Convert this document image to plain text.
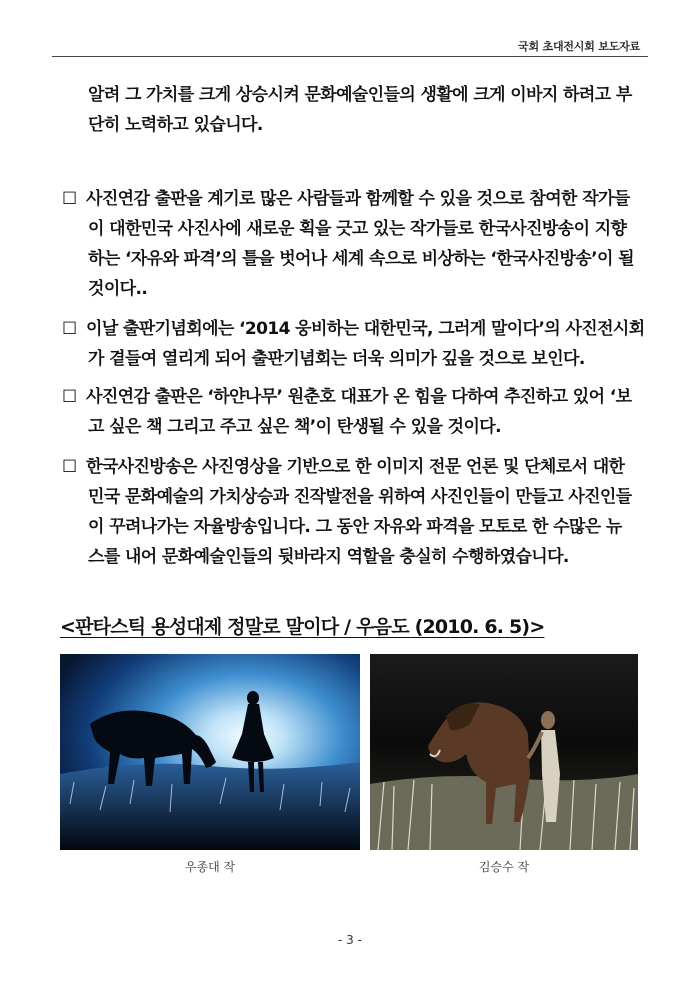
국회 초대전시회 보도자료
알려 그 가치를 크게 상승시켜 문화예술인들의 생활에 크게 이바지 하려고 부
단히 노력하고 있습니다.
☐ 사진연감 출판을 계기로 많은 사람들과 함께할 수 있을 것으로 참여한 작가들
이 대한민국 사진사에 새로운 획을 긋고 있는 작가들로 한국사진방송이 지향
하는 ‘자유와 파격’의 틀을 벗어나 세계 속으로 비상하는 ‘한국사진방송’이 될
것이다..
☐ 이날 출판기념회에는 ‘2014 웅비하는 대한민국, 그러게 말이다’의 사진전시회
가 곁들여 열리게 되어 출판기념회는 더욱 의미가 깊을 것으로 보인다.
☐ 사진연감 출판은 ‘하얀나무’ 원춘호 대표가 온 힘을 다하여 추진하고 있어 ‘보
고 싶은 책 그리고 주고 싶은 책’이 탄생될 수 있을 것이다.
☐ 한국사진방송은 사진영상을 기반으로 한 이미지 전문 언론 및 단체로서 대한
민국 문화예술의 가치상승과 진작발전을 위하여 사진인들이 만들고 사진인들
이 꾸려나가는 자율방송입니다. 그 동안 자유와 파격을 모토로 한 수많은 뉴
스를 내어 문화예술인들의 뒷바라지 역할을 충실히 수행하였습니다.
<판타스틱 용성대제 정말로 말이다 / 우음도 (2010. 6. 5)>
우종대 작	김승수 작
- 3 -
